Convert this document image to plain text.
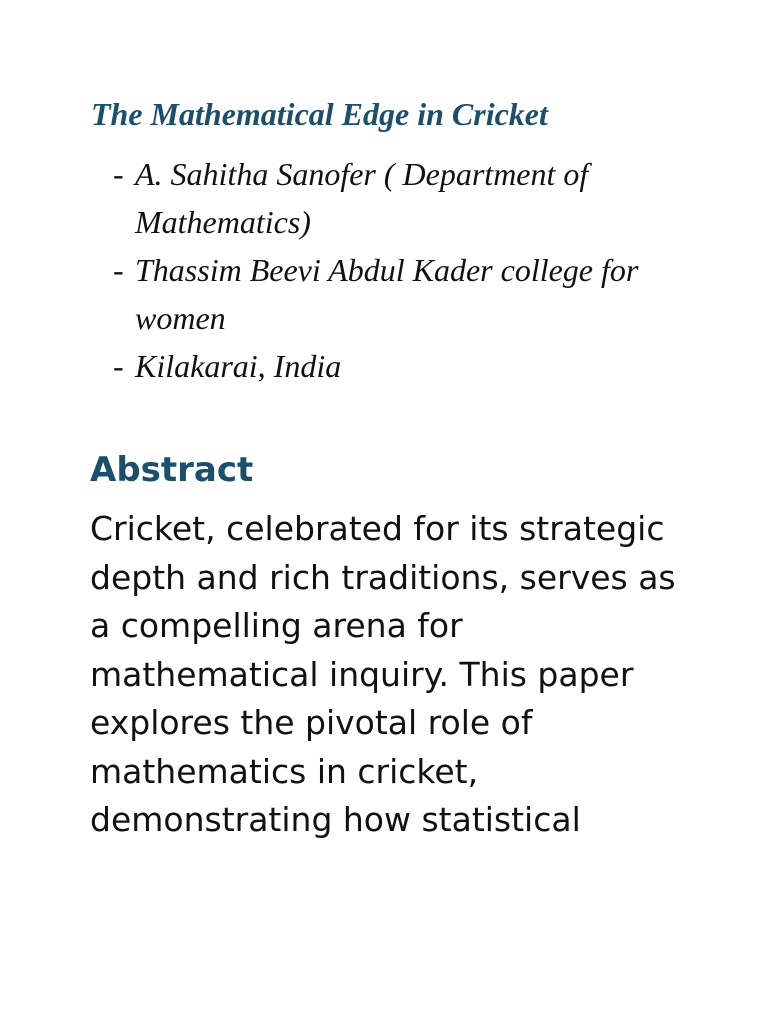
The Mathematical Edge in Cricket
- A. Sahitha Sanofer ( Department of Mathematics)
- Thassim Beevi Abdul Kader college for women
- Kilakarai, India
Abstract

Cricket, celebrated for its strategic depth and rich traditions, serves as a compelling arena for mathematical inquiry. This paper explores the pivotal role of mathematics in cricket, demonstrating how statistical
